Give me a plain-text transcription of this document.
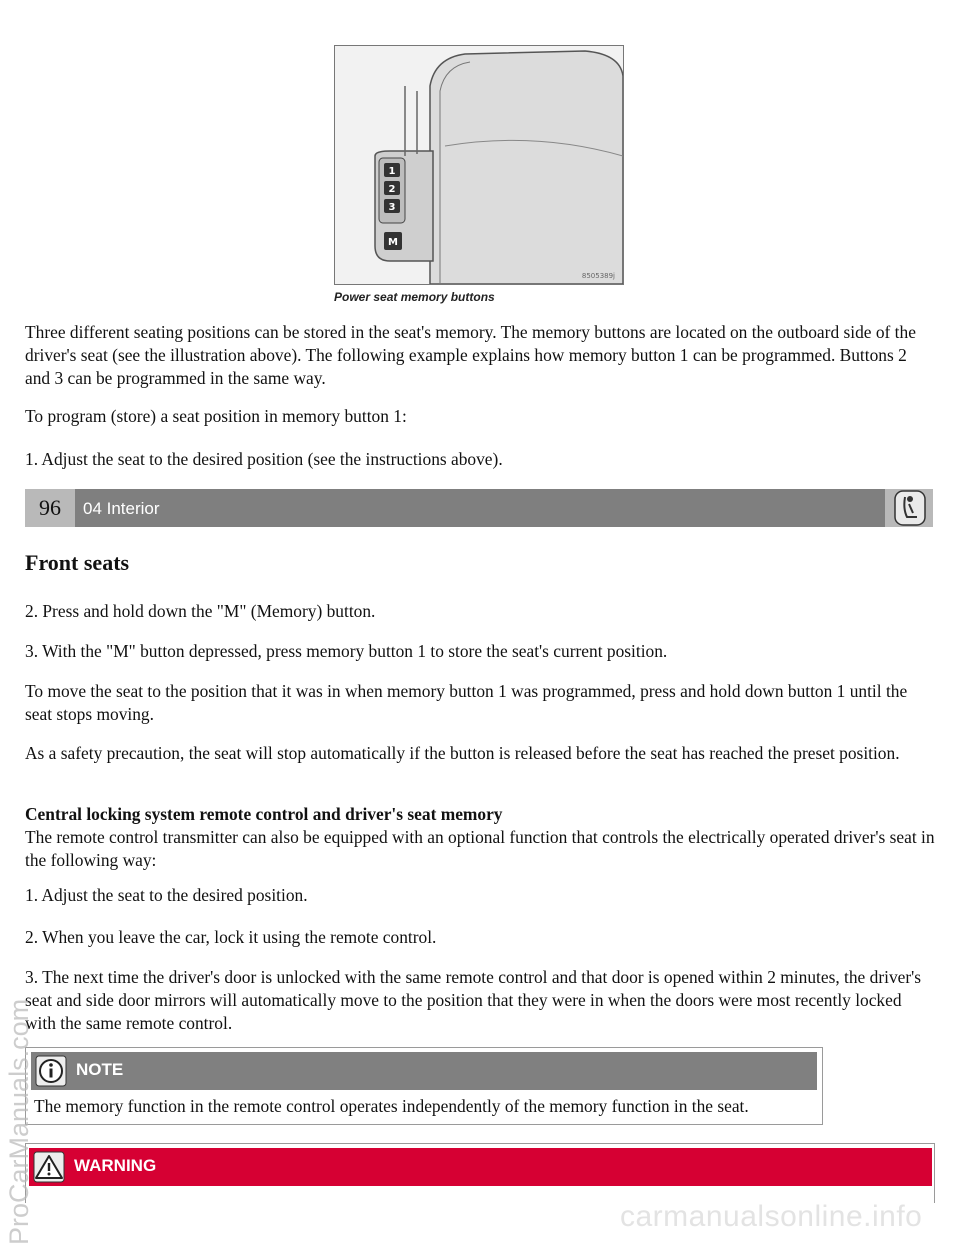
1
2
3
M
8505389j
Power seat memory buttons
Three different seating positions can be stored in the seat's memory. The memory buttons are located on the outboard side of the driver's seat (see the illustration above). The following example explains how memory button 1 can be programmed. Buttons 2 and 3 can be programmed in the same way.
To program (store) a seat position in memory button 1:
1. Adjust the seat to the desired position (see the instructions above).
96	04 Interior
Front seats
2. Press and hold down the "M" (Memory) button.
3. With the "M" button depressed, press memory button 1 to store the seat's current position.
To move the seat to the position that it was in when memory button 1 was programmed, press and hold down button 1 until the seat stops moving.
As a safety precaution, the seat will stop automatically if the button is released before the seat has reached the preset position.
Central locking system remote control and driver's seat memory
The remote control transmitter can also be equipped with an optional function that controls the electrically operated driver's seat in the following way:
1. Adjust the seat to the desired position.
2. When you leave the car, lock it using the remote control.
3. The next time the driver's door is unlocked with the same remote control and that door is opened within 2 minutes, the driver's seat and side door mirrors will automatically move to the position that they were in when the doors were most recently locked with the same remote control.
NOTE
The memory function in the remote control operates independently of the memory function in the seat.
WARNING
ProCarManuals.com	carmanualsonline.info
